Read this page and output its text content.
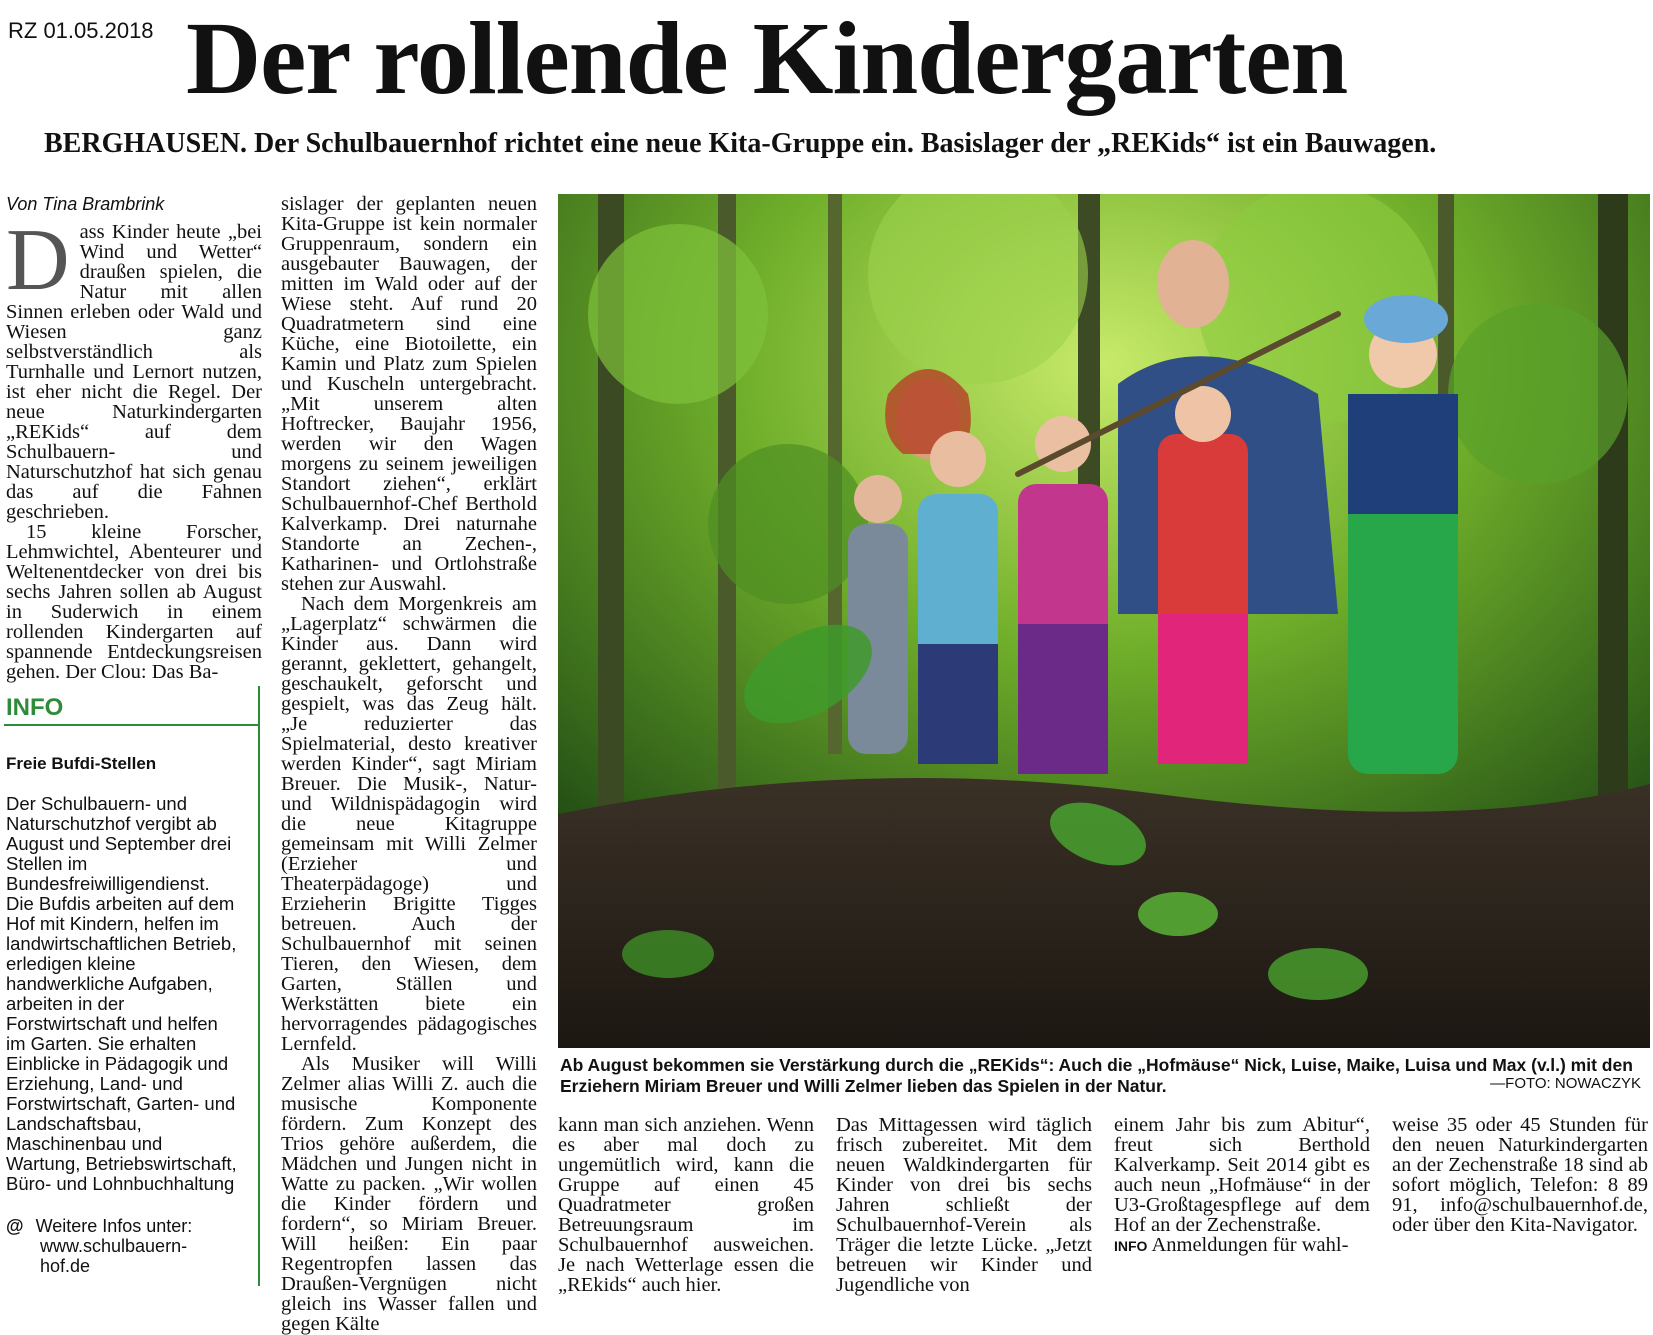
RZ 01.05.2018 Der rollende Kindergarten
BERGHAUSEN. Der Schulbauernhof richtet eine neue Kita-Gruppe ein. Basislager der „REKids“ ist ein Bauwagen.
Von Tina Brambrink

Dass Kinder heute „bei Wind und Wetter“ draußen spielen, die Natur mit allen Sinnen erleben oder Wald und Wiesen ganz selbstverständlich als Turnhalle und Lernort nutzen, ist eher nicht die Regel. Der neue Naturkindergarten „REKids“ auf dem Schulbauern- und Naturschutzhof hat sich genau das auf die Fahnen geschrieben.

15 kleine Forscher, Lehmwichtel, Abenteurer und Weltenentdecker von drei bis sechs Jahren sollen ab August in Suderwich in einem rollenden Kindergarten auf spannende Entdeckungsreisen gehen. Der Clou: Das Ba-

INFO
Freie Bufdi-Stellen
Der Schulbauern- und Naturschutzhof vergibt ab August und September drei Stellen im Bundesfreiwilligendienst. Die Bufdis arbeiten auf dem Hof mit Kindern, helfen im landwirtschaftlichen Betrieb, erledigen kleine handwerkliche Aufgaben, arbeiten in der Forstwirtschaft und helfen im Garten. Sie erhalten Einblicke in Pädagogik und Erziehung, Land- und Forstwirtschaft, Garten- und Landschaftsbau, Maschinenbau und Wartung, Betriebswirtschaft, Büro- und Lohnbuchhaltung
@ Weitere Infos unter:
www.schulbauern-
hof.de

sislager der geplanten neuen Kita-Gruppe ist kein normaler Gruppenraum, sondern ein ausgebauter Bauwagen, der mitten im Wald oder auf der Wiese steht. Auf rund 20 Quadratmetern sind eine Küche, eine Biotoilette, ein Kamin und Platz zum Spielen und Kuscheln untergebracht. „Mit unserem alten Hoftrecker, Baujahr 1956, werden wir den Wagen morgens zu seinem jeweiligen Standort ziehen“, erklärt Schulbauernhof-Chef Berthold Kalverkamp. Drei naturnahe Standorte an Zechen-, Katharinen- und Ortlohstraße stehen zur Auswahl.

Nach dem Morgenkreis am „Lagerplatz“ schwärmen die Kinder aus. Dann wird gerannt, geklettert, gehangelt, geschaukelt, geforscht und gespielt, was das Zeug hält. „Je reduzierter das Spielmaterial, desto kreativer werden Kinder“, sagt Miriam Breuer. Die Musik-, Natur- und Wildnispädagogin wird die neue Kitagruppe gemeinsam mit Willi Zelmer (Erzieher und Theaterpädagoge) und Erzieherin Brigitte Tigges betreuen. Auch der Schulbauernhof mit seinen Tieren, den Wiesen, dem Garten, Ställen und Werkstätten biete ein hervorragendes pädagogisches Lernfeld.

Als Musiker will Willi Zelmer alias Willi Z. auch die musische Komponente fördern. Zum Konzept des Trios gehöre außerdem, die Mädchen und Jungen nicht in Watte zu packen. „Wir wollen die Kinder fördern und fordern“, so Miriam Breuer. Will heißen: Ein paar Regentropfen lassen das Draußen-Vergnügen nicht gleich ins Wasser fallen und gegen Kälte

Ab August bekommen sie Verstärkung durch die „REKids“: Auch die „Hofmäuse“ Nick, Luise, Maike, Luisa und Max (v.l.) mit den Erziehern Miriam Breuer und Willi Zelmer lieben das Spielen in der Natur.	—FOTO: NOWACZYK
kann man sich anziehen. Wenn es aber mal doch zu ungemütlich wird, kann die Gruppe auf einen 45 Quadratmeter großen Betreuungsraum im Schulbauernhof ausweichen. Je nach Wetterlage essen die „REkids“ auch hier.
Das Mittagessen wird täglich frisch zubereitet. Mit dem neuen Waldkindergarten für Kinder von drei bis sechs Jahren schließt der Schulbauernhof-Verein als Träger die letzte Lücke. „Jetzt betreuen wir Kinder und Jugendliche von
einem Jahr bis zum Abitur“, freut sich Berthold Kalverkamp. Seit 2014 gibt es auch neun „Hofmäuse“ in der U3-Großtagespflege auf dem Hof an der Zechenstraße.
INFO Anmeldungen für wahl-
weise 35 oder 45 Stunden für den neuen Naturkindergarten an der Zechenstraße 18 sind ab sofort möglich, Telefon: 8 89 91, info@schulbauernhof.de, oder über den Kita-Navigator.
